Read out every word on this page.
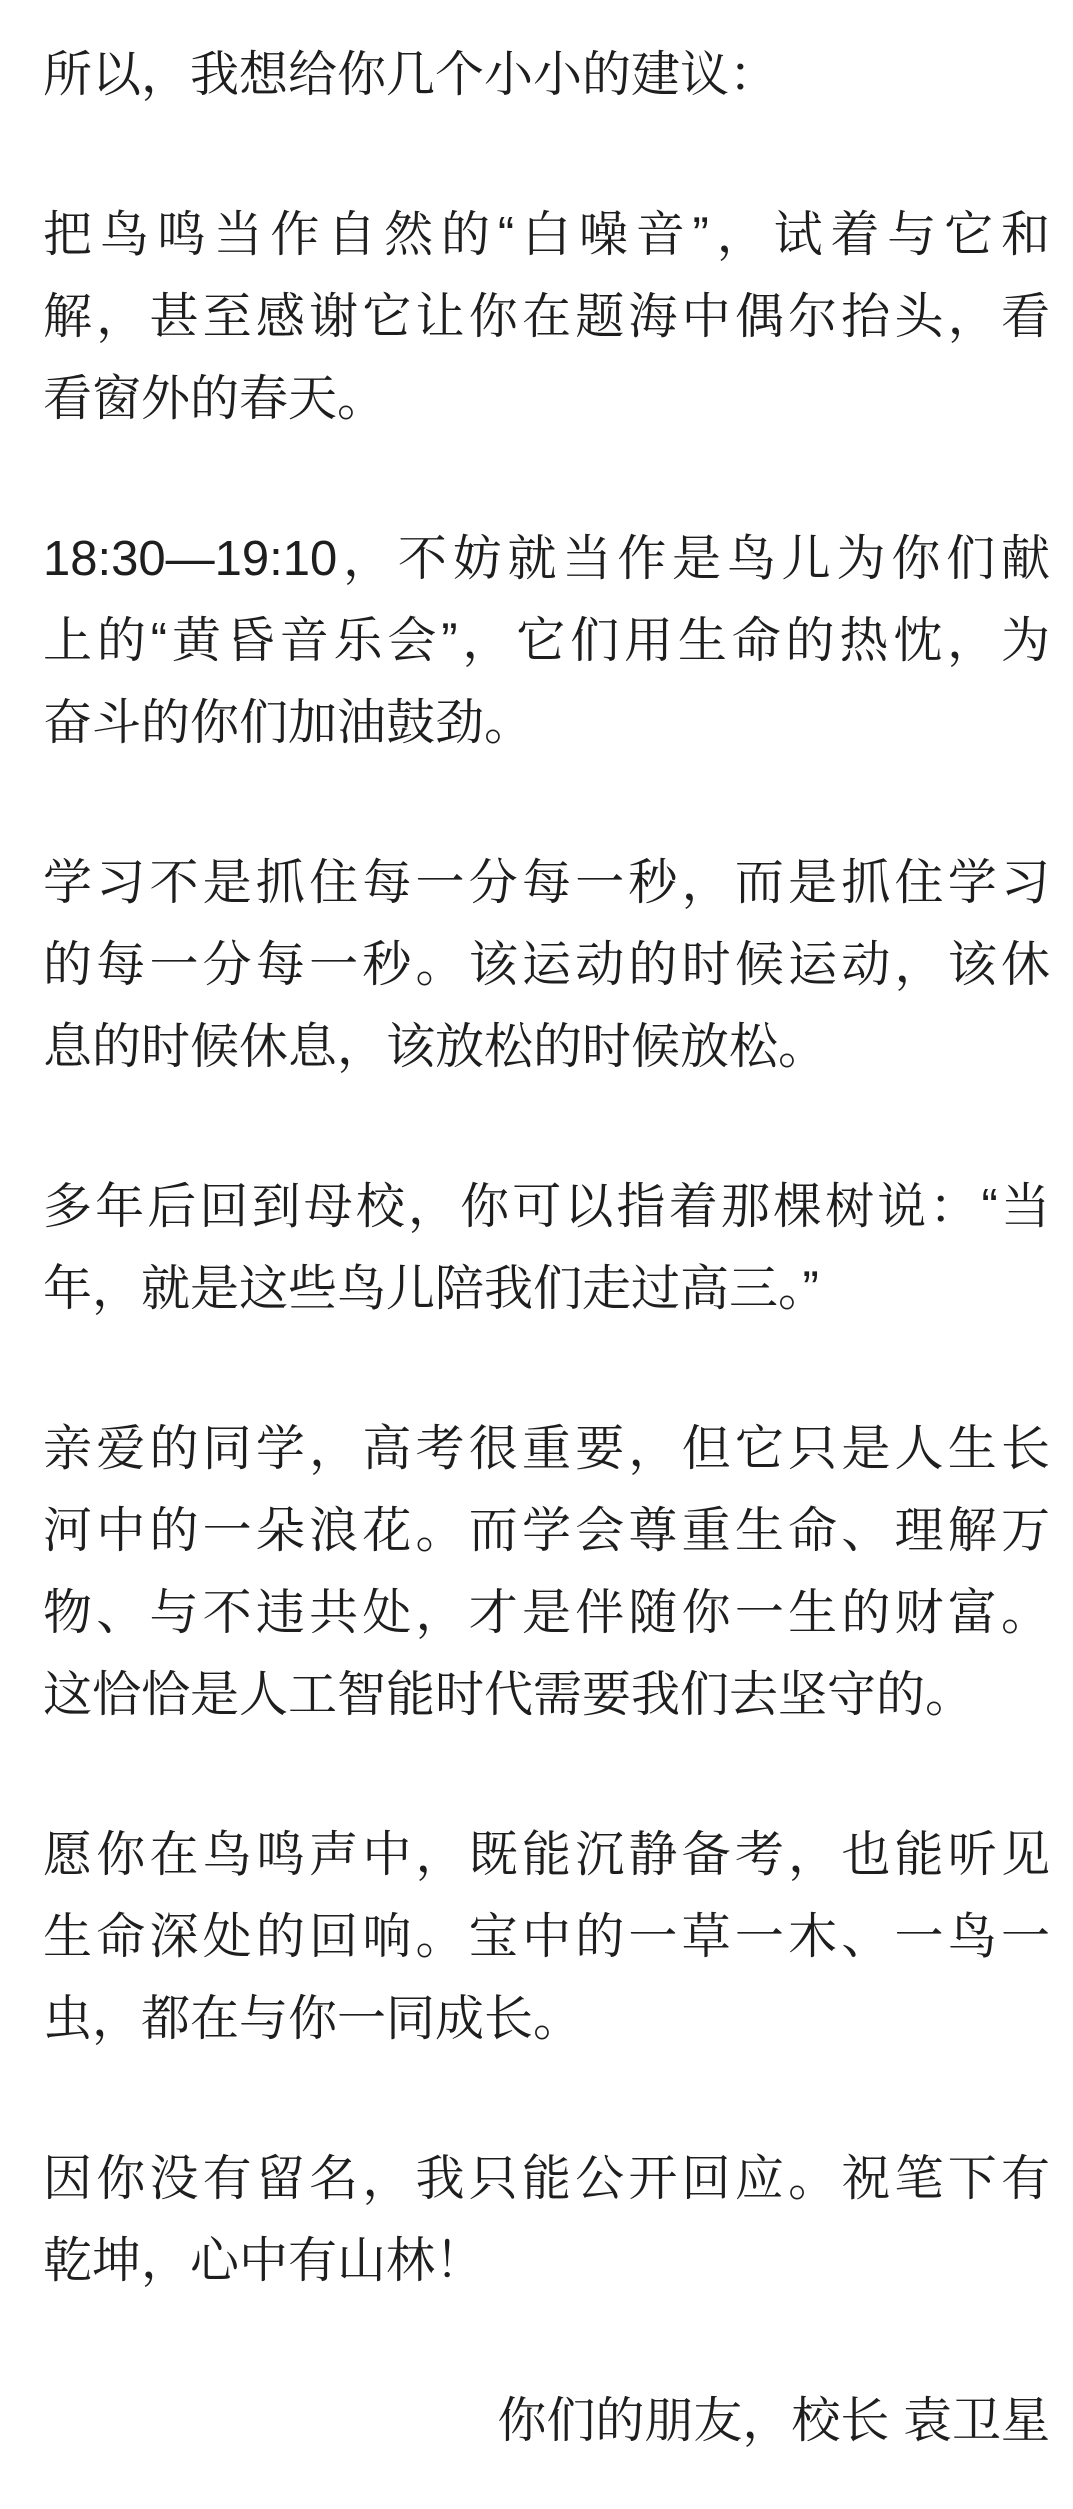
所以，我想给你几个小小的建议：

把鸟鸣当作自然的“白噪音”，试着与它和
解，甚至感谢它让你在题海中偶尔抬头，看
看窗外的春天。

18:30—19:10，不妨就当作是鸟儿为你们献
上的“黄昏音乐会”，它们用生命的热忱，为
奋斗的你们加油鼓劲。

学习不是抓住每一分每一秒，而是抓住学习
的每一分每一秒。该运动的时候运动，该休
息的时候休息，该放松的时候放松。

多年后回到母校，你可以指着那棵树说：“当
年，就是这些鸟儿陪我们走过高三。”

亲爱的同学，高考很重要，但它只是人生长
河中的一朵浪花。而学会尊重生命、理解万
物、与不违共处，才是伴随你一生的财富。
这恰恰是人工智能时代需要我们去坚守的。

愿你在鸟鸣声中，既能沉静备考，也能听见
生命深处的回响。宝中的一草一木、一鸟一
虫，都在与你一同成长。

因你没有留名，我只能公开回应。祝笔下有
乾坤，心中有山林！

你们的朋友，校长 袁卫星
